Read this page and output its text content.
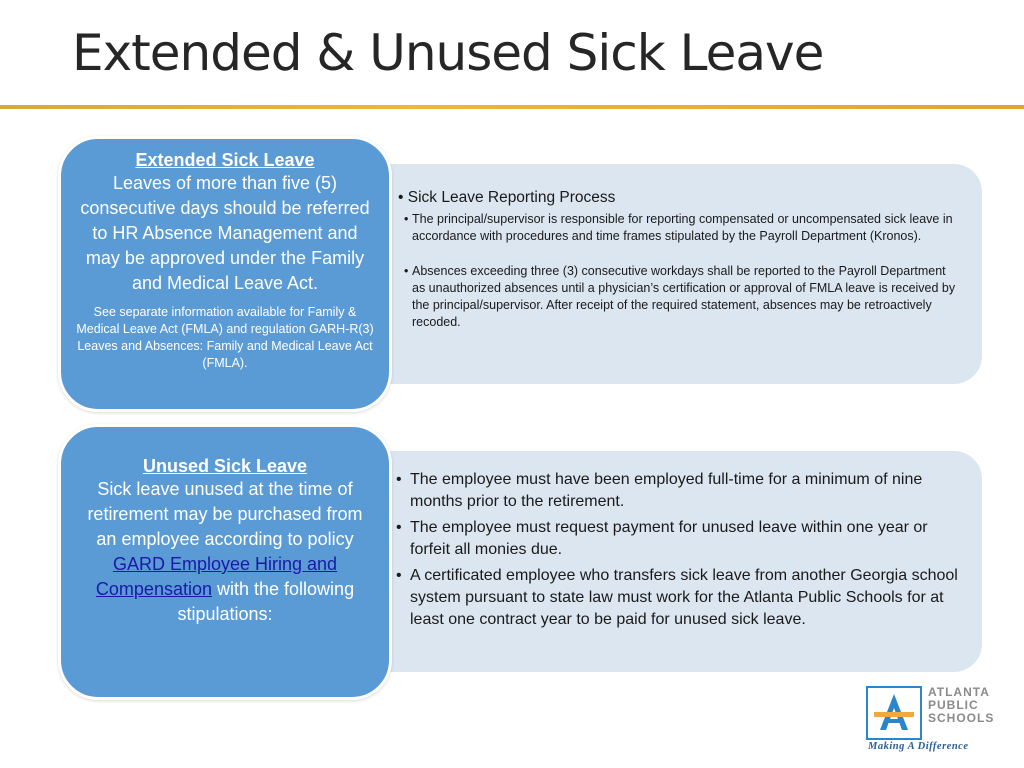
Extended & Unused Sick Leave
• Sick Leave Reporting Process
• The principal/supervisor is responsible for reporting compensated or uncompensated sick leave in accordance with procedures and time frames stipulated by the Payroll Department (Kronos).
• Absences exceeding three (3) consecutive workdays shall be reported to the Payroll Department as unauthorized absences until a physician’s certification or approval of FMLA leave is received by the principal/supervisor. After receipt of the required statement, absences may be retroactively recoded.
Extended Sick Leave
Leaves of more than five (5) consecutive days should be referred to HR Absence Management and may be approved under the Family and Medical Leave Act.
See separate information available for Family & Medical Leave Act (FMLA) and regulation GARH-R(3) Leaves and Absences: Family and Medical Leave Act (FMLA).
• The employee must have been employed full-time for a minimum of nine months prior to the retirement.
• The employee must request payment for unused leave within one year or forfeit all monies due.
• A certificated employee who transfers sick leave from another Georgia school system pursuant to state law must work for the Atlanta Public Schools for at least one contract year to be paid for unused sick leave.
Unused Sick Leave
Sick leave unused at the time of retirement may be purchased from an employee according to policy GARD Employee Hiring and Compensation with the following stipulations:
ATLANTA
PUBLIC
SCHOOLS
Making A Difference
